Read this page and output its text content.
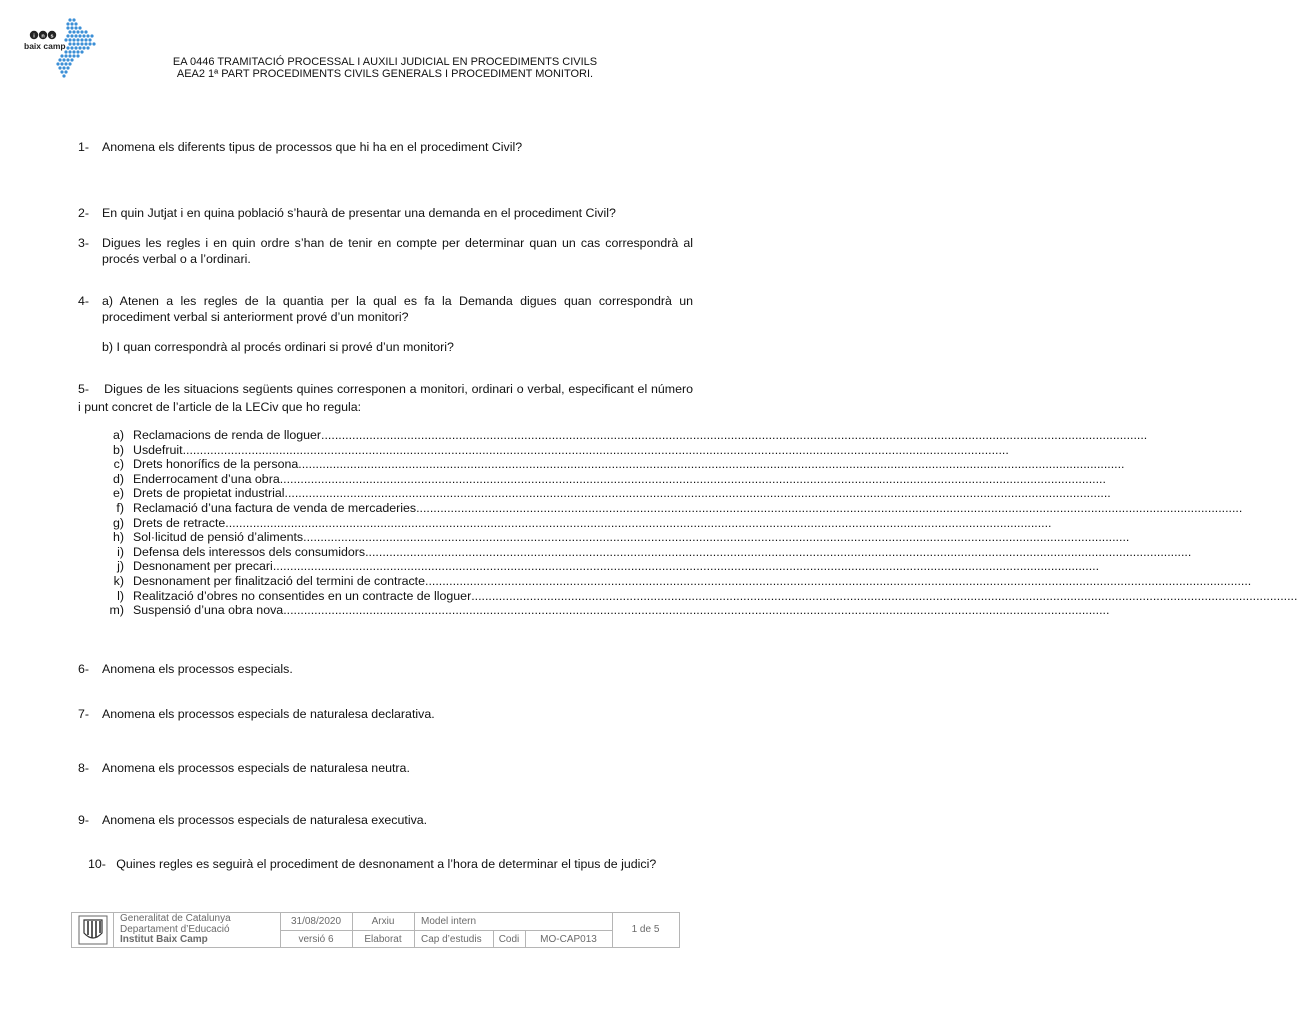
i n s
baix camp
EA 0446 TRAMITACIÓ PROCESSAL I AUXILI JUDICIAL EN PROCEDIMENTS CIVILS
AEA2 1ª PART PROCEDIMENTS CIVILS GENERALS I PROCEDIMENT MONITORI.
1- Anomena els diferents tipus de processos que hi ha en el procediment Civil?
2- En quin Jutjat i en quina població s’haurà de presentar una demanda en el procediment Civil?
3- Digues les regles i en quin ordre s’han de tenir en compte per determinar quan un cas correspondrà al procés verbal o a l’ordinari.
4- a) Atenen a les regles de la quantia per la qual es fa la Demanda digues quan correspondrà un procediment verbal si anteriorment prové d’un monitori?
b) I quan correspondrà al procés ordinari si prové d’un monitori?
5- Digues de les situacions següents quines corresponen a monitori, ordinari o verbal, especificant el número i punt concret de l’article de la LECiv que ho regula:
a) Reclamacions de renda de lloguer ................................................................................................................................................................................................................................................
b) Usdefruit ................................................................................................................................................................................................................................................
c) Drets honorífics de la persona ................................................................................................................................................................................................................................................
d) Enderrocament d’una obra ................................................................................................................................................................................................................................................
e) Drets de propietat industrial ................................................................................................................................................................................................................................................
f) Reclamació d’una factura de venda de mercaderies ................................................................................................................................................................................................................................................
g) Drets de retracte ................................................................................................................................................................................................................................................
h) Sol·licitud de pensió d’aliments ................................................................................................................................................................................................................................................
i) Defensa dels interessos dels consumidors ................................................................................................................................................................................................................................................
j) Desnonament per precari ................................................................................................................................................................................................................................................
k) Desnonament per finalització del termini de contracte ................................................................................................................................................................................................................................................
l) Realització d’obres no consentides en un contracte de lloguer ................................................................................................................................................................................................................................................
m) Suspensió d’una obra nova ................................................................................................................................................................................................................................................
6- Anomena els processos especials.
7- Anomena els processos especials de naturalesa declarativa.
8- Anomena els processos especials de naturalesa neutra.
9- Anomena els processos especials de naturalesa executiva.
10- Quines regles es seguirà el procediment de desnonament a l’hora de determinar el tipus de judici?
Generalitat de Catalunya
Departament d’Educació
Institut Baix Camp
31/08/2020
versió 6
Arxiu
Elaborat
Model intern
Cap d’estudis	Codi	MO-CAP013
1 de 5
